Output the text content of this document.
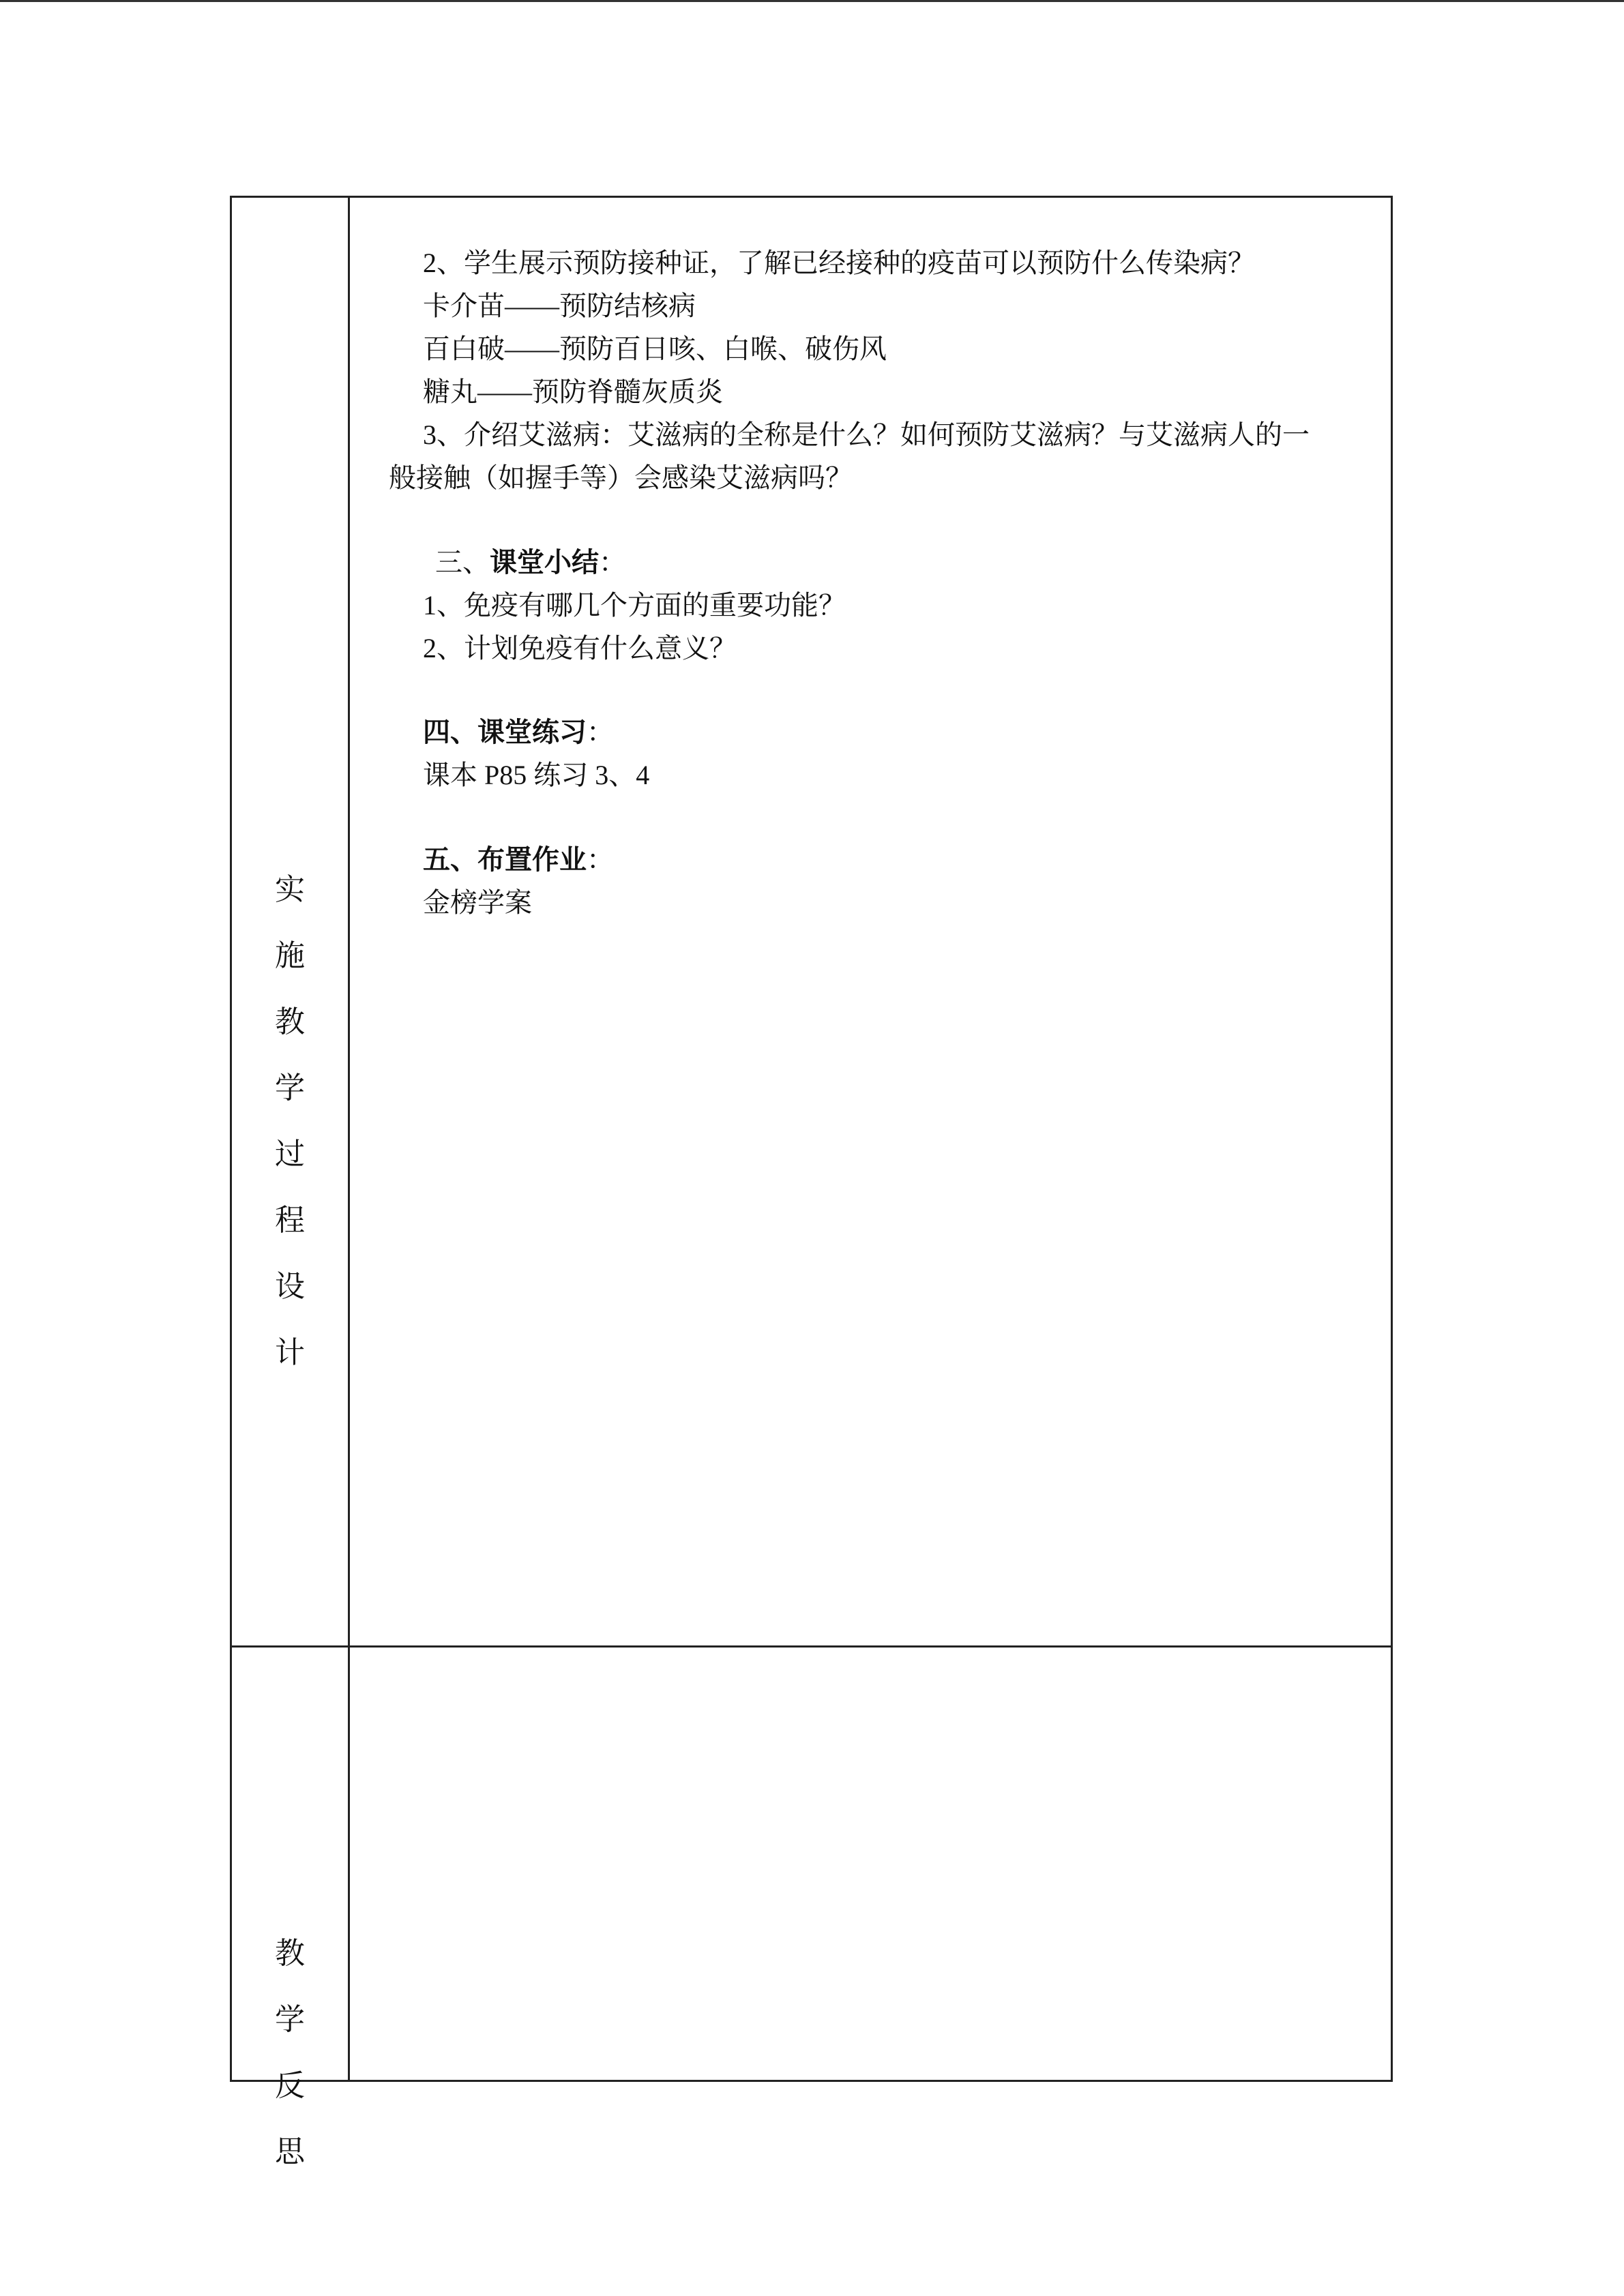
实
施
教
学
过
程
设
计
教
学
反
思
2、学生展示预防接种证，了解已经接种的疫苗可以预防什么传染病？
卡介苗——预防结核病
百白破——预防百日咳、白喉、破伤风
糖丸——预防脊髓灰质炎
3、介绍艾滋病：艾滋病的全称是什么？如何预防艾滋病？与艾滋病人的一
般接触（如握手等）会感染艾滋病吗？
三、课堂小结：
1、免疫有哪几个方面的重要功能？
2、计划免疫有什么意义？
四、课堂练习：
课本 P85 练习 3、4
五、布置作业：
金榜学案
